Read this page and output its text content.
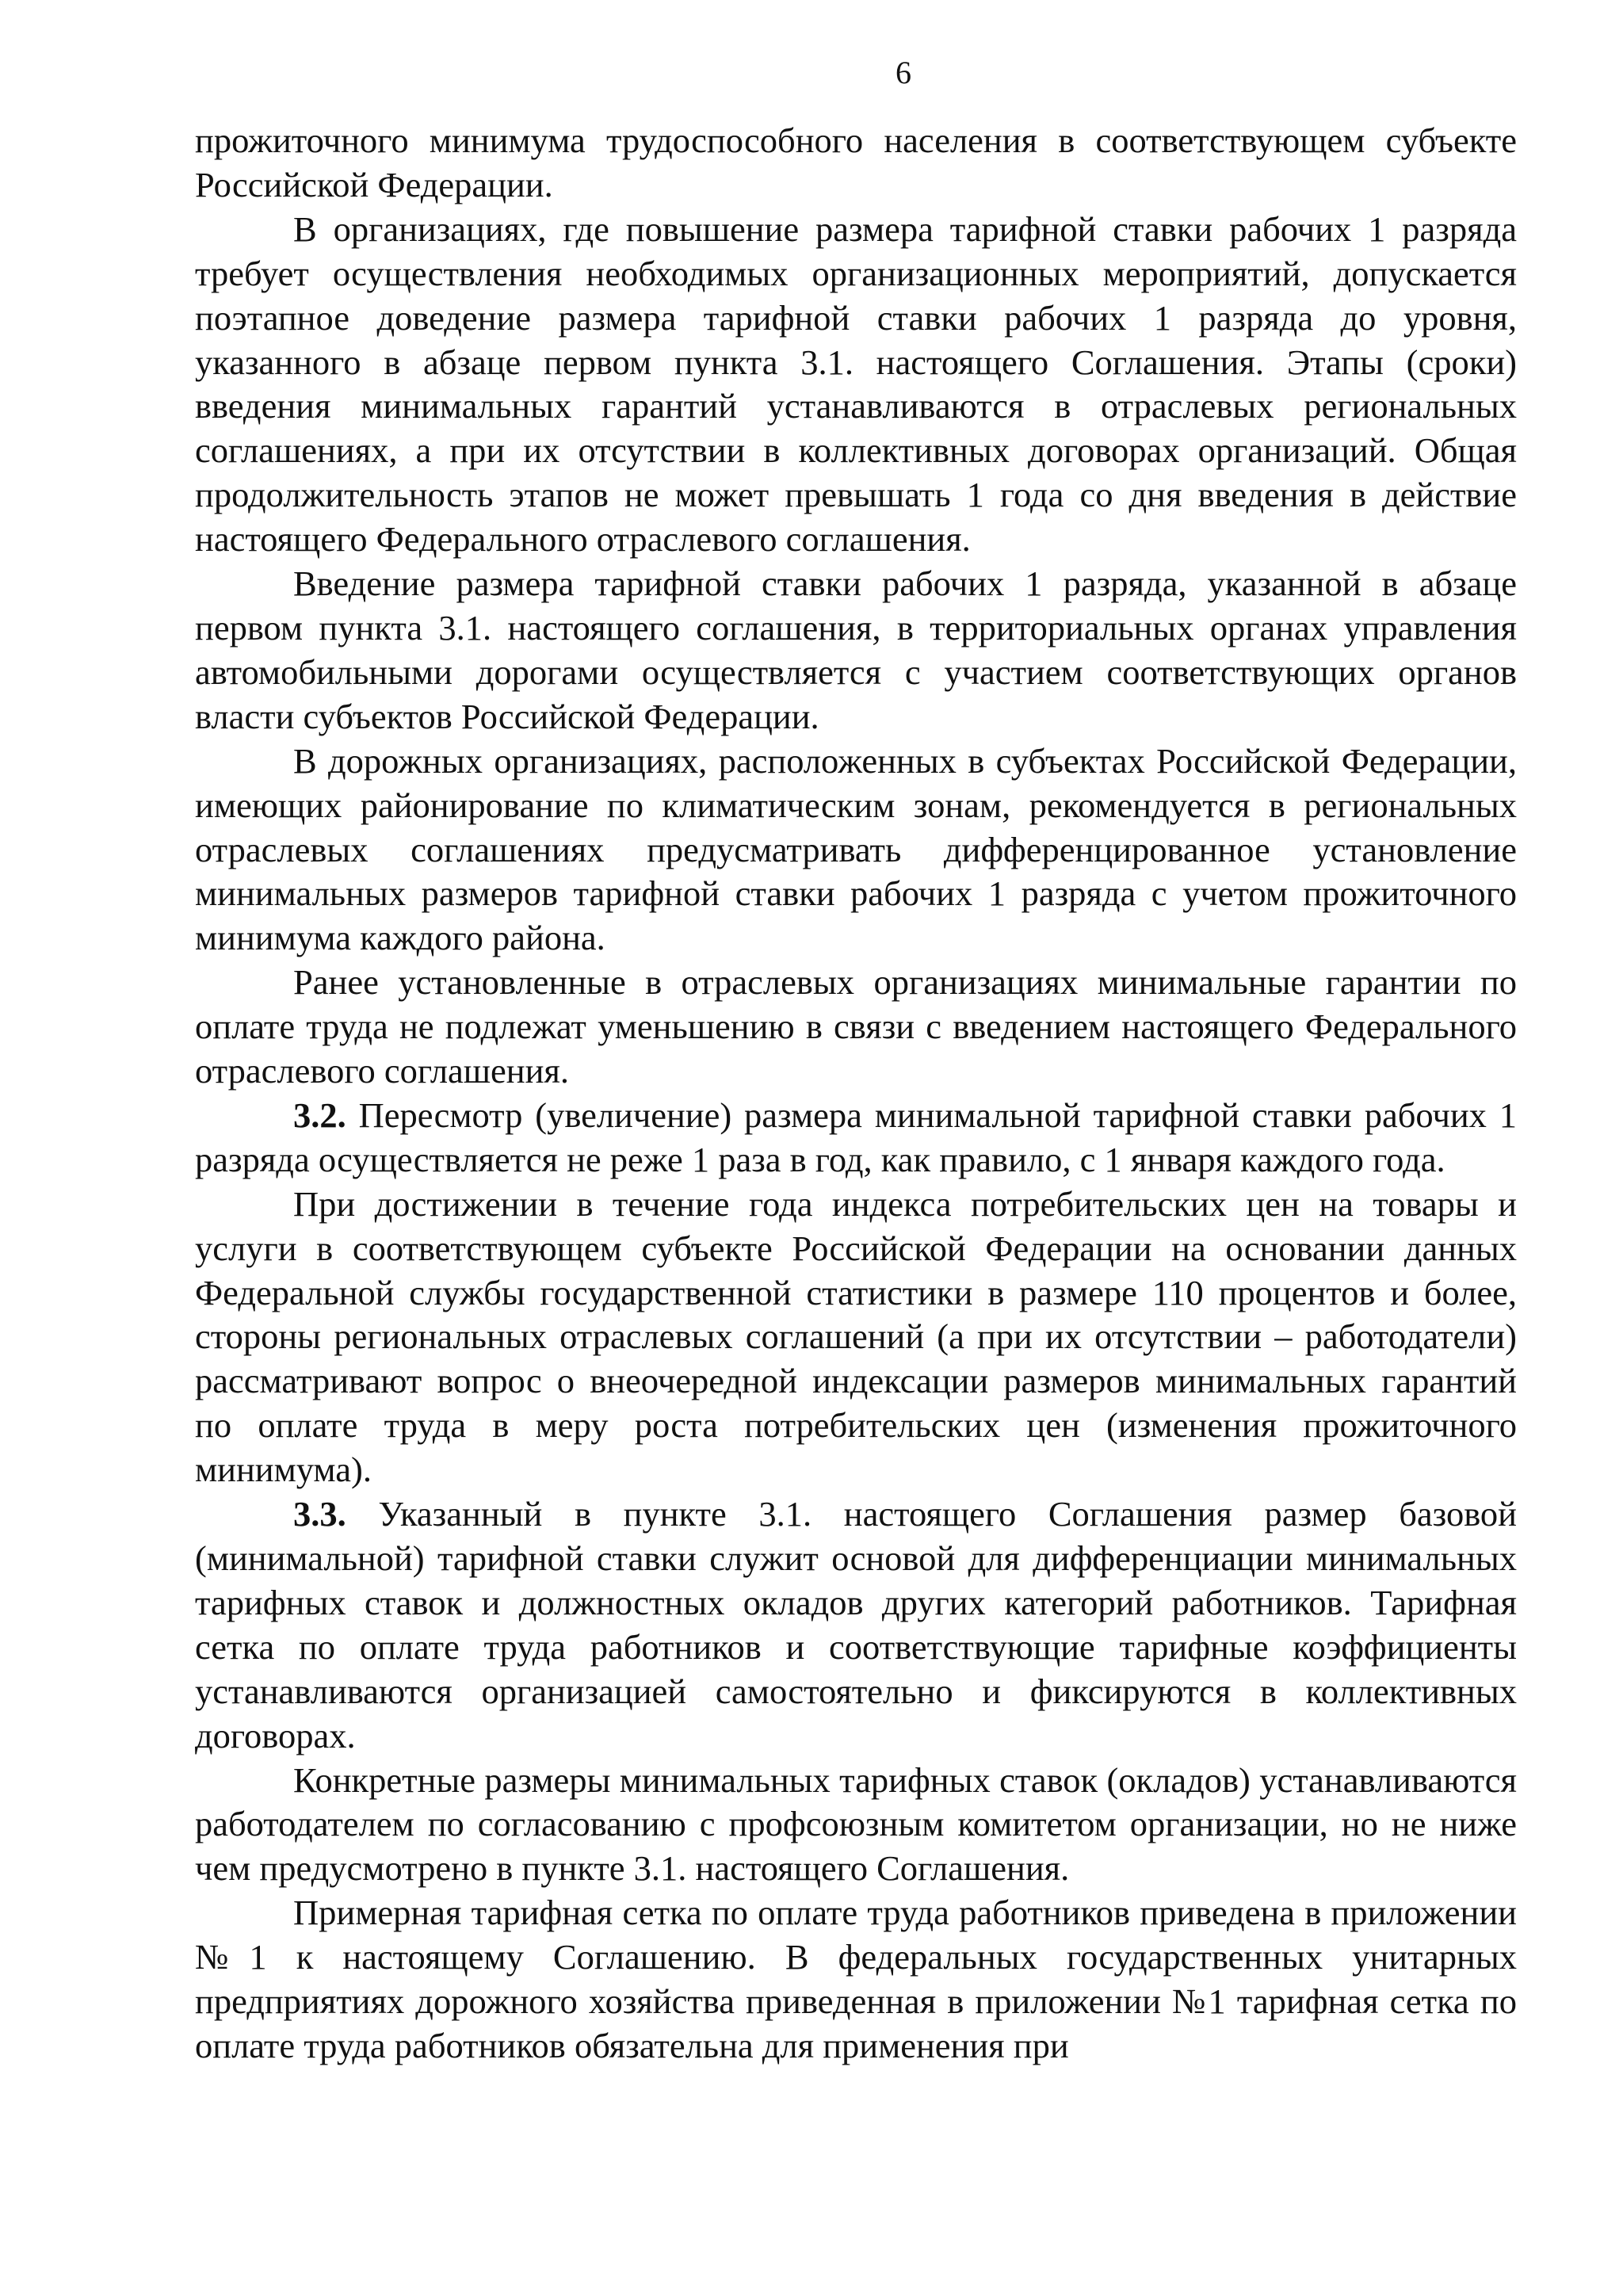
6

прожиточного минимума трудоспособного населения в соответствующем субъекте Российской Федерации.

В организациях, где повышение размера тарифной ставки рабочих 1 разряда требует осуществления необходимых организационных мероприятий, допускается поэтапное доведение размера тарифной ставки рабочих 1 разряда до уровня, указанного в абзаце первом пункта 3.1. настоящего Соглашения. Этапы (сроки) введения минимальных гарантий устанавливаются в отраслевых региональных соглашениях, а при их отсутствии в коллективных договорах организаций. Общая продолжительность этапов не может превышать 1 года со дня введения в действие настоящего Федерального отраслевого соглашения.

Введение размера тарифной ставки рабочих 1 разряда, указанной в абзаце первом пункта 3.1. настоящего соглашения, в территориальных органах управления автомобильными дорогами осуществляется с участием соответствующих органов власти субъектов Российской Федерации.

В дорожных организациях, расположенных в субъектах Российской Федерации, имеющих районирование по климатическим зонам, рекомендуется в региональных отраслевых соглашениях предусматривать дифференцированное установление минимальных размеров тарифной ставки рабочих 1 разряда с учетом прожиточного минимума каждого района.

Ранее установленные в отраслевых организациях минимальные гарантии по оплате труда не подлежат уменьшению в связи с введением настоящего Федерального отраслевого соглашения.

3.2. Пересмотр (увеличение) размера минимальной тарифной ставки рабочих 1 разряда осуществляется не реже 1 раза в год, как правило, с 1 января каждого года.

При достижении в течение года индекса потребительских цен на товары и услуги в соответствующем субъекте Российской Федерации на основании данных Федеральной службы государственной статистики в размере 110 процентов и более, стороны региональных отраслевых соглашений (а при их отсутствии – работодатели) рассматривают вопрос о внеочередной индексации размеров минимальных гарантий по оплате труда в меру роста потребительских цен (изменения прожиточного минимума).

3.3. Указанный в пункте 3.1. настоящего Соглашения размер базовой (минимальной) тарифной ставки служит основой для дифференциации минимальных тарифных ставок и должностных окладов других категорий работников. Тарифная сетка по оплате труда работников и соответствующие тарифные коэффициенты устанавливаются организацией самостоятельно и фиксируются в коллективных договорах.

Конкретные размеры минимальных тарифных ставок (окладов) устанавливаются работодателем по согласованию с профсоюзным комитетом организации, но не ниже чем предусмотрено в пункте 3.1. настоящего Соглашения.

Примерная тарифная сетка по оплате труда работников приведена в приложении №1 к настоящему Соглашению. В федеральных государственных унитарных предприятиях дорожного хозяйства приведенная в приложении №1 тарифная сетка по оплате труда работников обязательна для применения при
